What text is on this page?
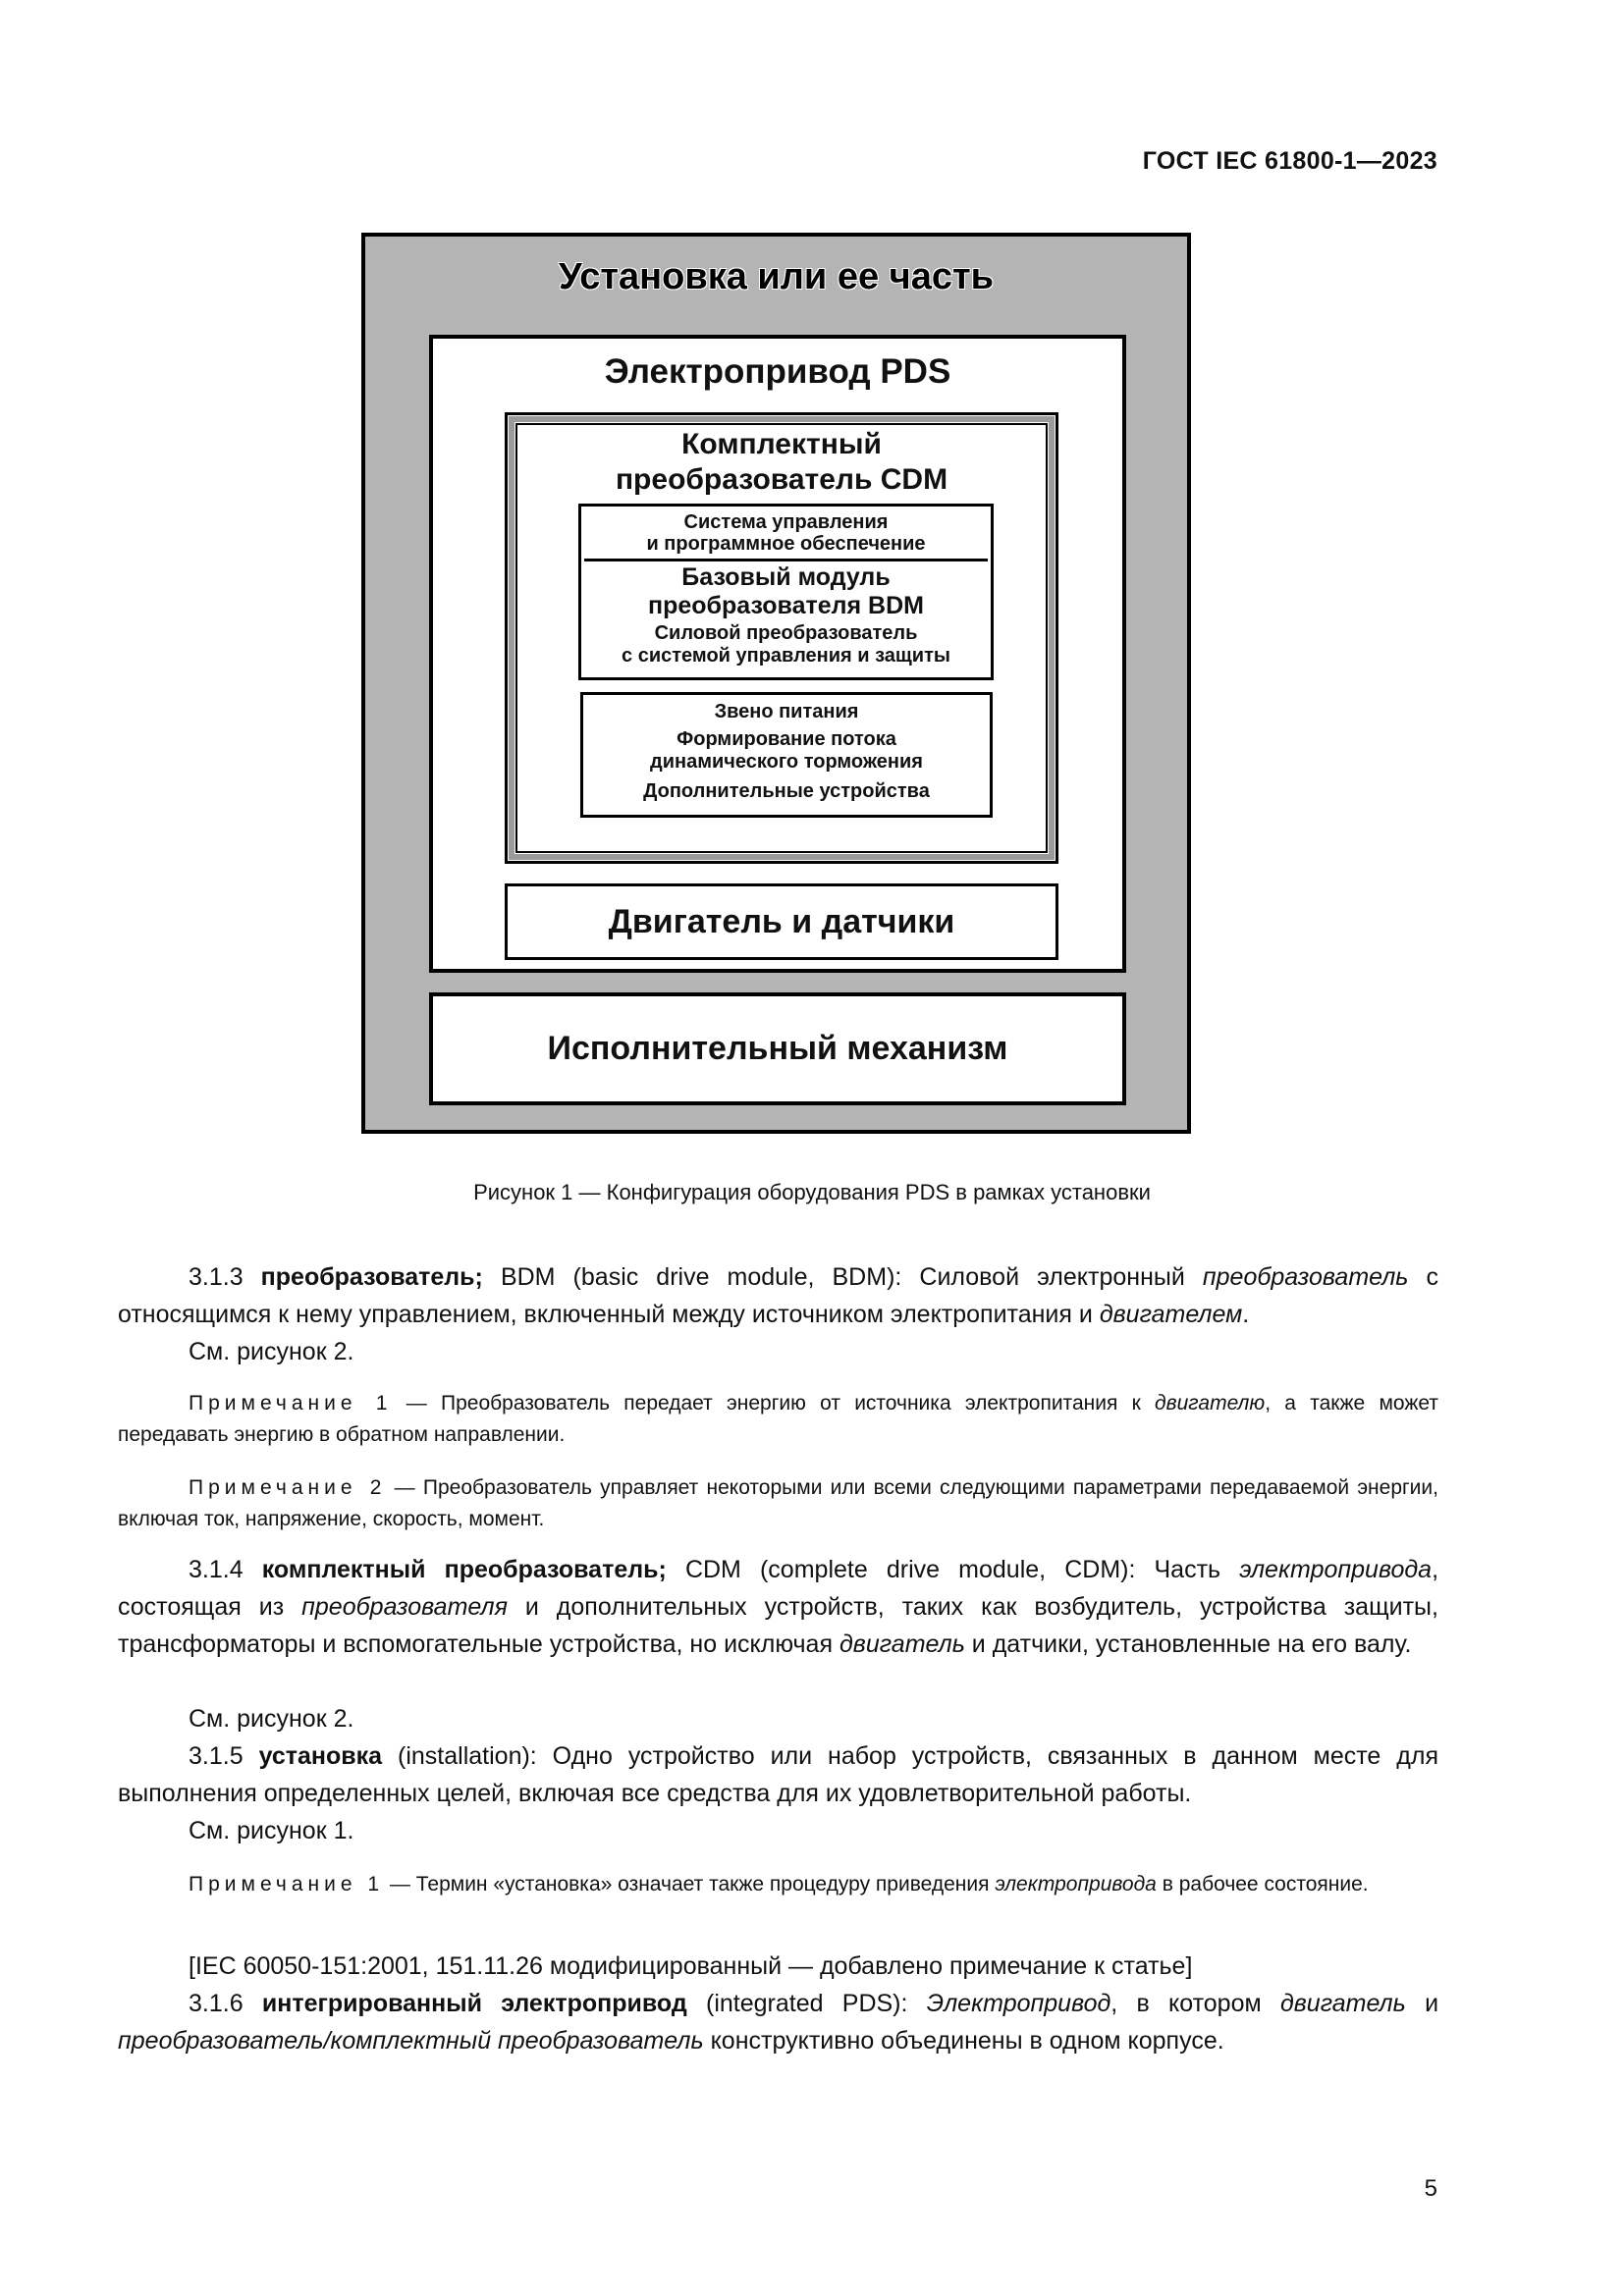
ГОСТ IEC 61800-1—2023
Установка или ее часть
Электропривод PDS
Комплектный
преобразователь CDM
Система управления
и программное обеспечение
Базовый модуль
преобразователя BDM
Силовой преобразователь
с системой управления и защиты
Звено питания
Формирование потока
динамического торможения
Дополнительные устройства
Двигатель и датчики
Исполнительный механизм
Рисунок 1 — Конфигурация оборудования PDS в рамках установки
3.1.3 преобразователь; BDM (basic drive module, BDM): Силовой электронный преобразователь с относящимся к нему управлением, включенный между источником электропитания и двигателем.
См. рисунок 2.
Примечание 1 — Преобразователь передает энергию от источника электропитания к двигателю, а также может передавать энергию в обратном направлении.
Примечание 2 — Преобразователь управляет некоторыми или всеми следующими параметрами передаваемой энергии, включая ток, напряжение, скорость, момент.
3.1.4 комплектный преобразователь; CDM (complete drive module, CDM): Часть электропривода, состоящая из преобразователя и дополнительных устройств, таких как возбудитель, устройства защиты, трансформаторы и вспомогательные устройства, но исключая двигатель и датчики, установленные на его валу.
См. рисунок 2.
3.1.5 установка (installation): Одно устройство или набор устройств, связанных в данном месте для выполнения определенных целей, включая все средства для их удовлетворительной работы.
См. рисунок 1.
Примечание 1 — Термин «установка» означает также процедуру приведения электропривода в рабочее состояние.
[IEC 60050-151:2001, 151.11.26 модифицированный — добавлено примечание к статье]
3.1.6 интегрированный электропривод (integrated PDS): Электропривод, в котором двигатель и преобразователь/комплектный преобразователь конструктивно объединены в одном корпусе.
5
